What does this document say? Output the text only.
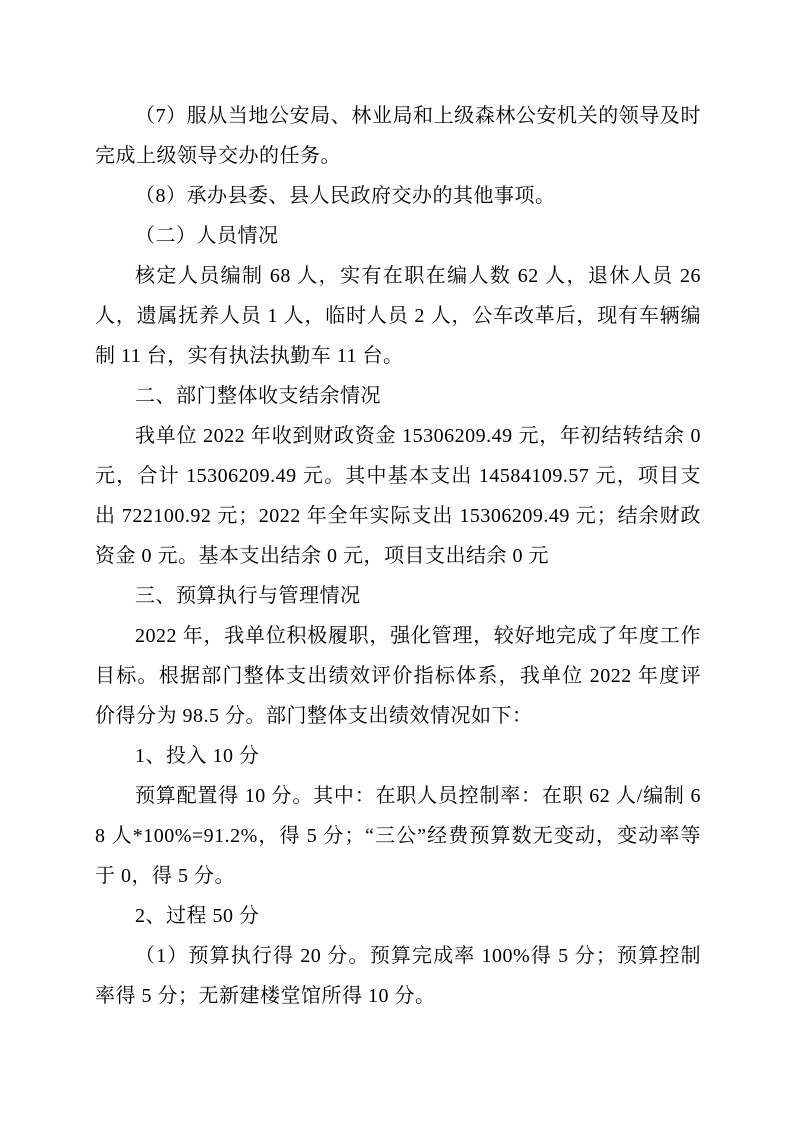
（7）服从当地公安局、林业局和上级森林公安机关的领导及时完成上级领导交办的任务。

（8）承办县委、县人民政府交办的其他事项。

（二）人员情况

核定人员编制 68 人，实有在职在编人数 62 人，退休人员 26 人，遗属抚养人员 1 人，临时人员 2 人，公车改革后，现有车辆编制 11 台，实有执法执勤车 11 台。

二、部门整体收支结余情况

我单位 2022 年收到财政资金 15306209.49 元，年初结转结余 0 元，合计 15306209.49 元。其中基本支出 14584109.57 元，项目支出 722100.92 元；2022 年全年实际支出 15306209.49 元；结余财政资金 0 元。基本支出结余 0 元，项目支出结余 0 元

三、预算执行与管理情况

2022 年，我单位积极履职，强化管理，较好地完成了年度工作目标。根据部门整体支出绩效评价指标体系，我单位 2022 年度评价得分为 98.5 分。部门整体支出绩效情况如下：

1、投入 10 分

预算配置得 10 分。其中：在职人员控制率：在职 62 人/编制 68 人*100%=91.2%，得 5 分；“三公”经费预算数无变动，变动率等于 0，得 5 分。

2、过程 50 分

（1）预算执行得 20 分。预算完成率 100%得 5 分；预算控制率得 5 分；无新建楼堂馆所得 10 分。
